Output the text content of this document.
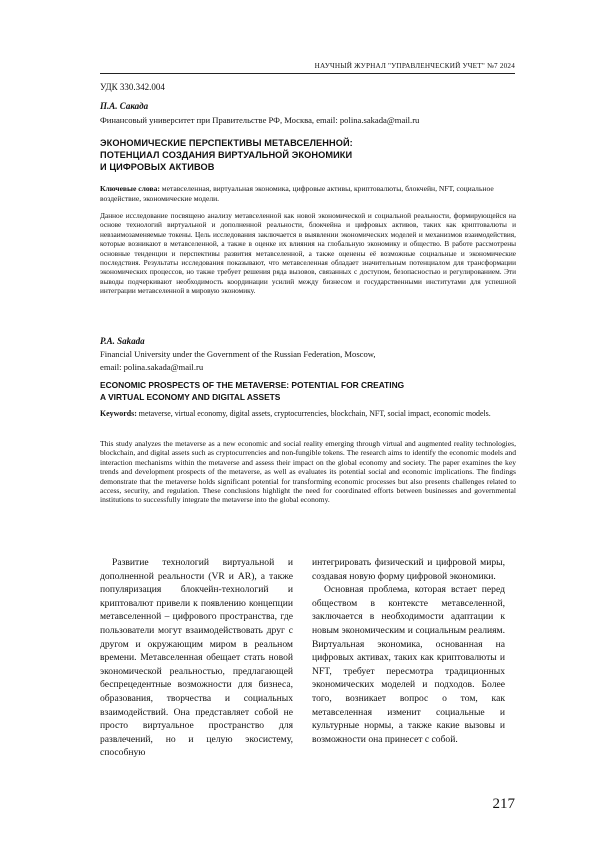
НАУЧНЫЙ ЖУРНАЛ "УПРАВЛЕНЧЕСКИЙ УЧЕТ" №7 2024
УДК 330.342.004
П.А. Сакада
Финансовый университет при Правительстве РФ, Москва, email: polina.sakada@mail.ru
ЭКОНОМИЧЕСКИЕ ПЕРСПЕКТИВЫ МЕТАВСЕЛЕННОЙ:
ПОТЕНЦИАЛ СОЗДАНИЯ ВИРТУАЛЬНОЙ ЭКОНОМИКИ
И ЦИФРОВЫХ АКТИВОВ
Ключевые слова: метавселенная, виртуальная экономика, цифровые активы, криптовалюты, блокчейн, NFT, социальное воздействие, экономические модели.
Данное исследование посвящено анализу метавселенной как новой экономической и социальной реальности, формирующейся на основе технологий виртуальной и дополненной реальности, блокчейна и цифровых активов, таких как криптовалюты и невзаимозаменяемые токены. Цель исследования заключается в выявлении экономических моделей и механизмов взаимодействия, которые возникают в метавселенной, а также в оценке их влияния на глобальную экономику и общество. В работе рассмотрены основные тенденции и перспективы развития метавселенной, а также оценены её возможные социальные и экономические последствия. Результаты исследования показывают, что метавселенная обладает значительным потенциалом для трансформации экономических процессов, но также требует решения ряда вызовов, связанных с доступом, безопасностью и регулированием. Эти выводы подчеркивают необходимость координации усилий между бизнесом и государственными институтами для успешной интеграции метавселенной в мировую экономику.
P.A. Sakada
Financial University under the Government of the Russian Federation, Moscow,
email: polina.sakada@mail.ru
ECONOMIC PROSPECTS OF THE METAVERSE: POTENTIAL FOR CREATING
A VIRTUAL ECONOMY AND DIGITAL ASSETS
Keywords: metaverse, virtual economy, digital assets, cryptocurrencies, blockchain, NFT, social impact, economic models.
This study analyzes the metaverse as a new economic and social reality emerging through virtual and augmented reality technologies, blockchain, and digital assets such as cryptocurrencies and non-fungible tokens. The research aims to identify the economic models and interaction mechanisms within the metaverse and assess their impact on the global economy and society. The paper examines the key trends and development prospects of the metaverse, as well as evaluates its potential social and economic implications. The findings demonstrate that the metaverse holds significant potential for transforming economic processes but also presents challenges related to access, security, and regulation. These conclusions highlight the need for coordinated efforts between businesses and governmental institutions to successfully integrate the metaverse into the global economy.

Развитие технологий виртуальной и дополненной реальности (VR и AR), а также популяризация блокчейн-технологий и криптовалют привели к появлению концепции метавселенной – цифрового пространства, где пользователи могут взаимодействовать друг с другом и окружающим миром в реальном времени. Метавселенная обещает стать новой экономической реальностью, предлагающей беспрецедентные возможности для бизнеса, образования, творчества и социальных взаимодействий. Она представляет собой не просто виртуальное пространство для развлечений, но и целую экосистему, способную

интегрировать физический и цифровой миры, создавая новую форму цифровой экономики.

Основная проблема, которая встает перед обществом в контексте метавселенной, заключается в необходимости адаптации к новым экономическим и социальным реалиям. Виртуальная экономика, основанная на цифровых активах, таких как криптовалюты и NFT, требует пересмотра традиционных экономических моделей и подходов. Более того, возникает вопрос о том, как метавселенная изменит социальные и культурные нормы, а также какие вызовы и возможности она принесет с собой.

217
